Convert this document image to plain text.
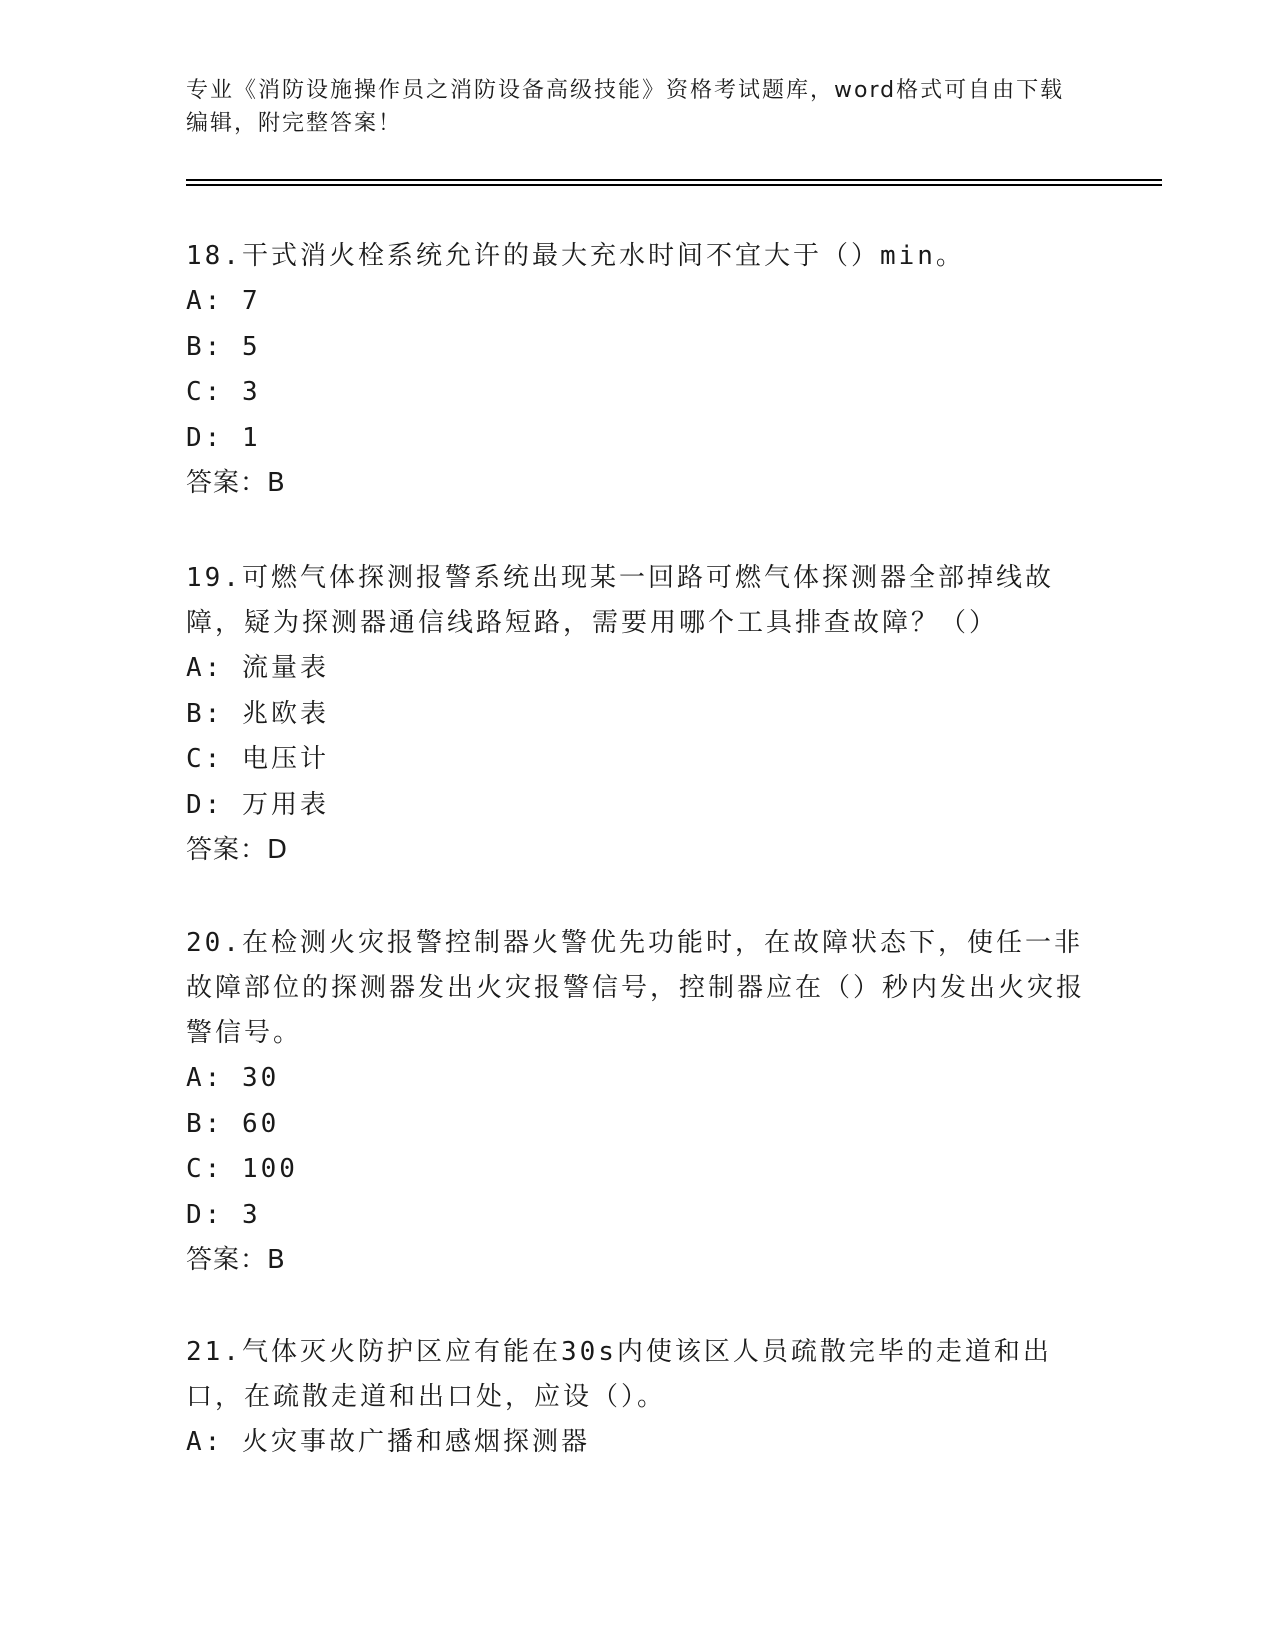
专业《消防设施操作员之消防设备高级技能》资格考试题库，word格式可自由下载编辑，附完整答案！
18.干式消火栓系统允许的最大充水时间不宜大于（）min。
A: 7
B: 5
C: 3
D: 1
答案：B
19.可燃气体探测报警系统出现某一回路可燃气体探测器全部掉线故障，疑为探测器通信线路短路，需要用哪个工具排查故障？（）
A: 流量表
B: 兆欧表
C: 电压计
D: 万用表
答案：D
20.在检测火灾报警控制器火警优先功能时，在故障状态下，使任一非故障部位的探测器发出火灾报警信号，控制器应在（）秒内发出火灾报警信号。
A: 30
B: 60
C: 100
D: 3
答案：B
21.气体灭火防护区应有能在30s内使该区人员疏散完毕的走道和出口，在疏散走道和出口处，应设（）。
A: 火灾事故广播和感烟探测器
